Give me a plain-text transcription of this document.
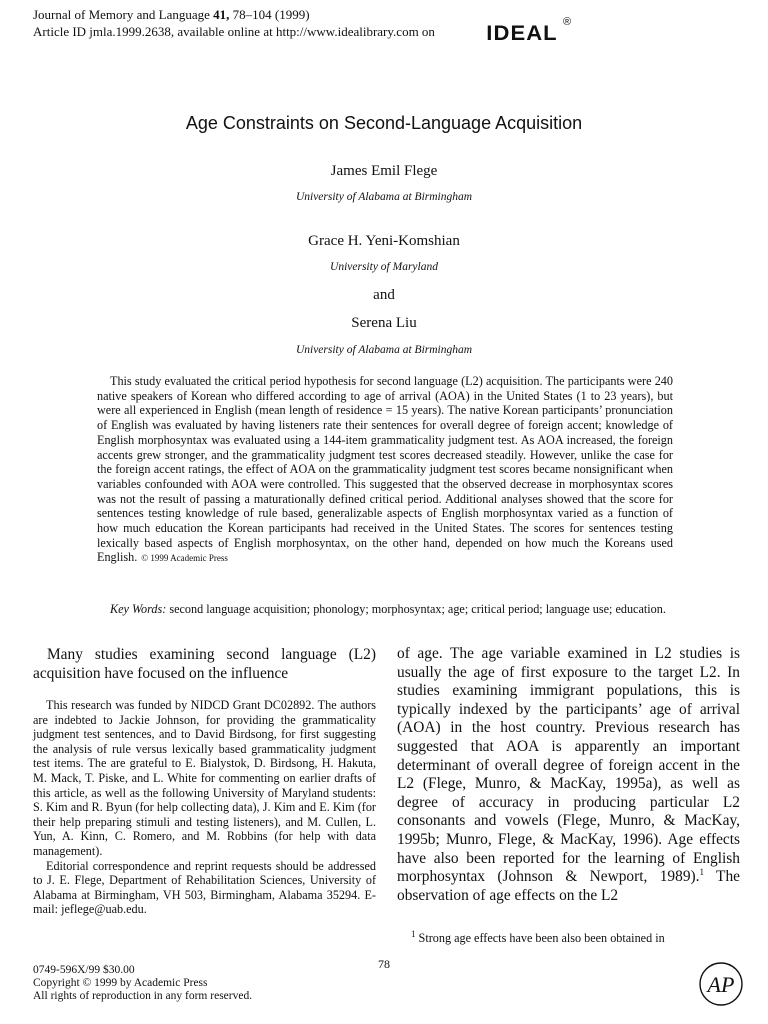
Journal of Memory and Language 41, 78–104 (1999)
Article ID jmla.1999.2638, available online at http://www.idealibrary.com on IDEAL ®
Age Constraints on Second-Language Acquisition
James Emil Flege
University of Alabama at Birmingham
Grace H. Yeni-Komshian
University of Maryland
and
Serena Liu
University of Alabama at Birmingham

This study evaluated the critical period hypothesis for second language (L2) acquisition. The participants were 240 native speakers of Korean who differed according to age of arrival (AOA) in the United States (1 to 23 years), but were all experienced in English (mean length of residence = 15 years). The native Korean participants’ pronunciation of English was evaluated by having listeners rate their sentences for overall degree of foreign accent; knowledge of English morphosyntax was evaluated using a 144-item grammaticality judgment test. As AOA increased, the foreign accents grew stronger, and the grammaticality judgment test scores decreased steadily. However, unlike the case for the foreign accent ratings, the effect of AOA on the grammaticality judgment test scores became nonsignificant when variables confounded with AOA were controlled. This suggested that the observed decrease in morphosyntax scores was not the result of passing a maturationally defined critical period. Additional analyses showed that the score for sentences testing knowledge of rule based, generalizable aspects of English morphosyntax varied as a function of how much education the Korean participants had received in the United States. The scores for sentences testing lexically based aspects of English morphosyntax, on the other hand, depended on how much the Koreans used English. © 1999 Academic Press

Key Words: second language acquisition; phonology; morphosyntax; age; critical period; language use; education.

Many studies examining second language (L2) acquisition have focused on the influence

This research was funded by NIDCD Grant DC02892. The authors are indebted to Jackie Johnson, for providing the grammaticality judgment test sentences, and to David Birdsong, for first suggesting the analysis of rule versus lexically based grammaticality judgment test items. The are grateful to E. Bialystok, D. Birdsong, H. Hakuta, M. Mack, T. Piske, and L. White for commenting on earlier drafts of this article, as well as the following University of Maryland students: S. Kim and R. Byun (for help collecting data), J. Kim and E. Kim (for their help preparing stimuli and testing listeners), and M. Cullen, L. Yun, A. Kinn, C. Romero, and M. Robbins (for help with data management).

Editorial correspondence and reprint requests should be addressed to J. E. Flege, Department of Rehabilitation Sciences, University of Alabama at Birmingham, VH 503, Birmingham, Alabama 35294. E-mail: jeflege@uab.edu.

of age. The age variable examined in L2 studies is usually the age of first exposure to the target L2. In studies examining immigrant populations, this is typically indexed by the participants’ age of arrival (AOA) in the host country. Previous research has suggested that AOA is apparently an important determinant of overall degree of foreign accent in the L2 (Flege, Munro, & MacKay, 1995a), as well as degree of accuracy in producing particular L2 consonants and vowels (Flege, Munro, & MacKay, 1995b; Munro, Flege, & MacKay, 1996). Age effects have also been reported for the learning of English morphosyntax (Johnson & Newport, 1989).$^1$ The observation of age effects on the L2

$^1$ Strong age effects have been also been obtained in

78
0749-596X/99 $30.00
Copyright © 1999 by Academic Press
All rights of reproduction in any form reserved.	AP
